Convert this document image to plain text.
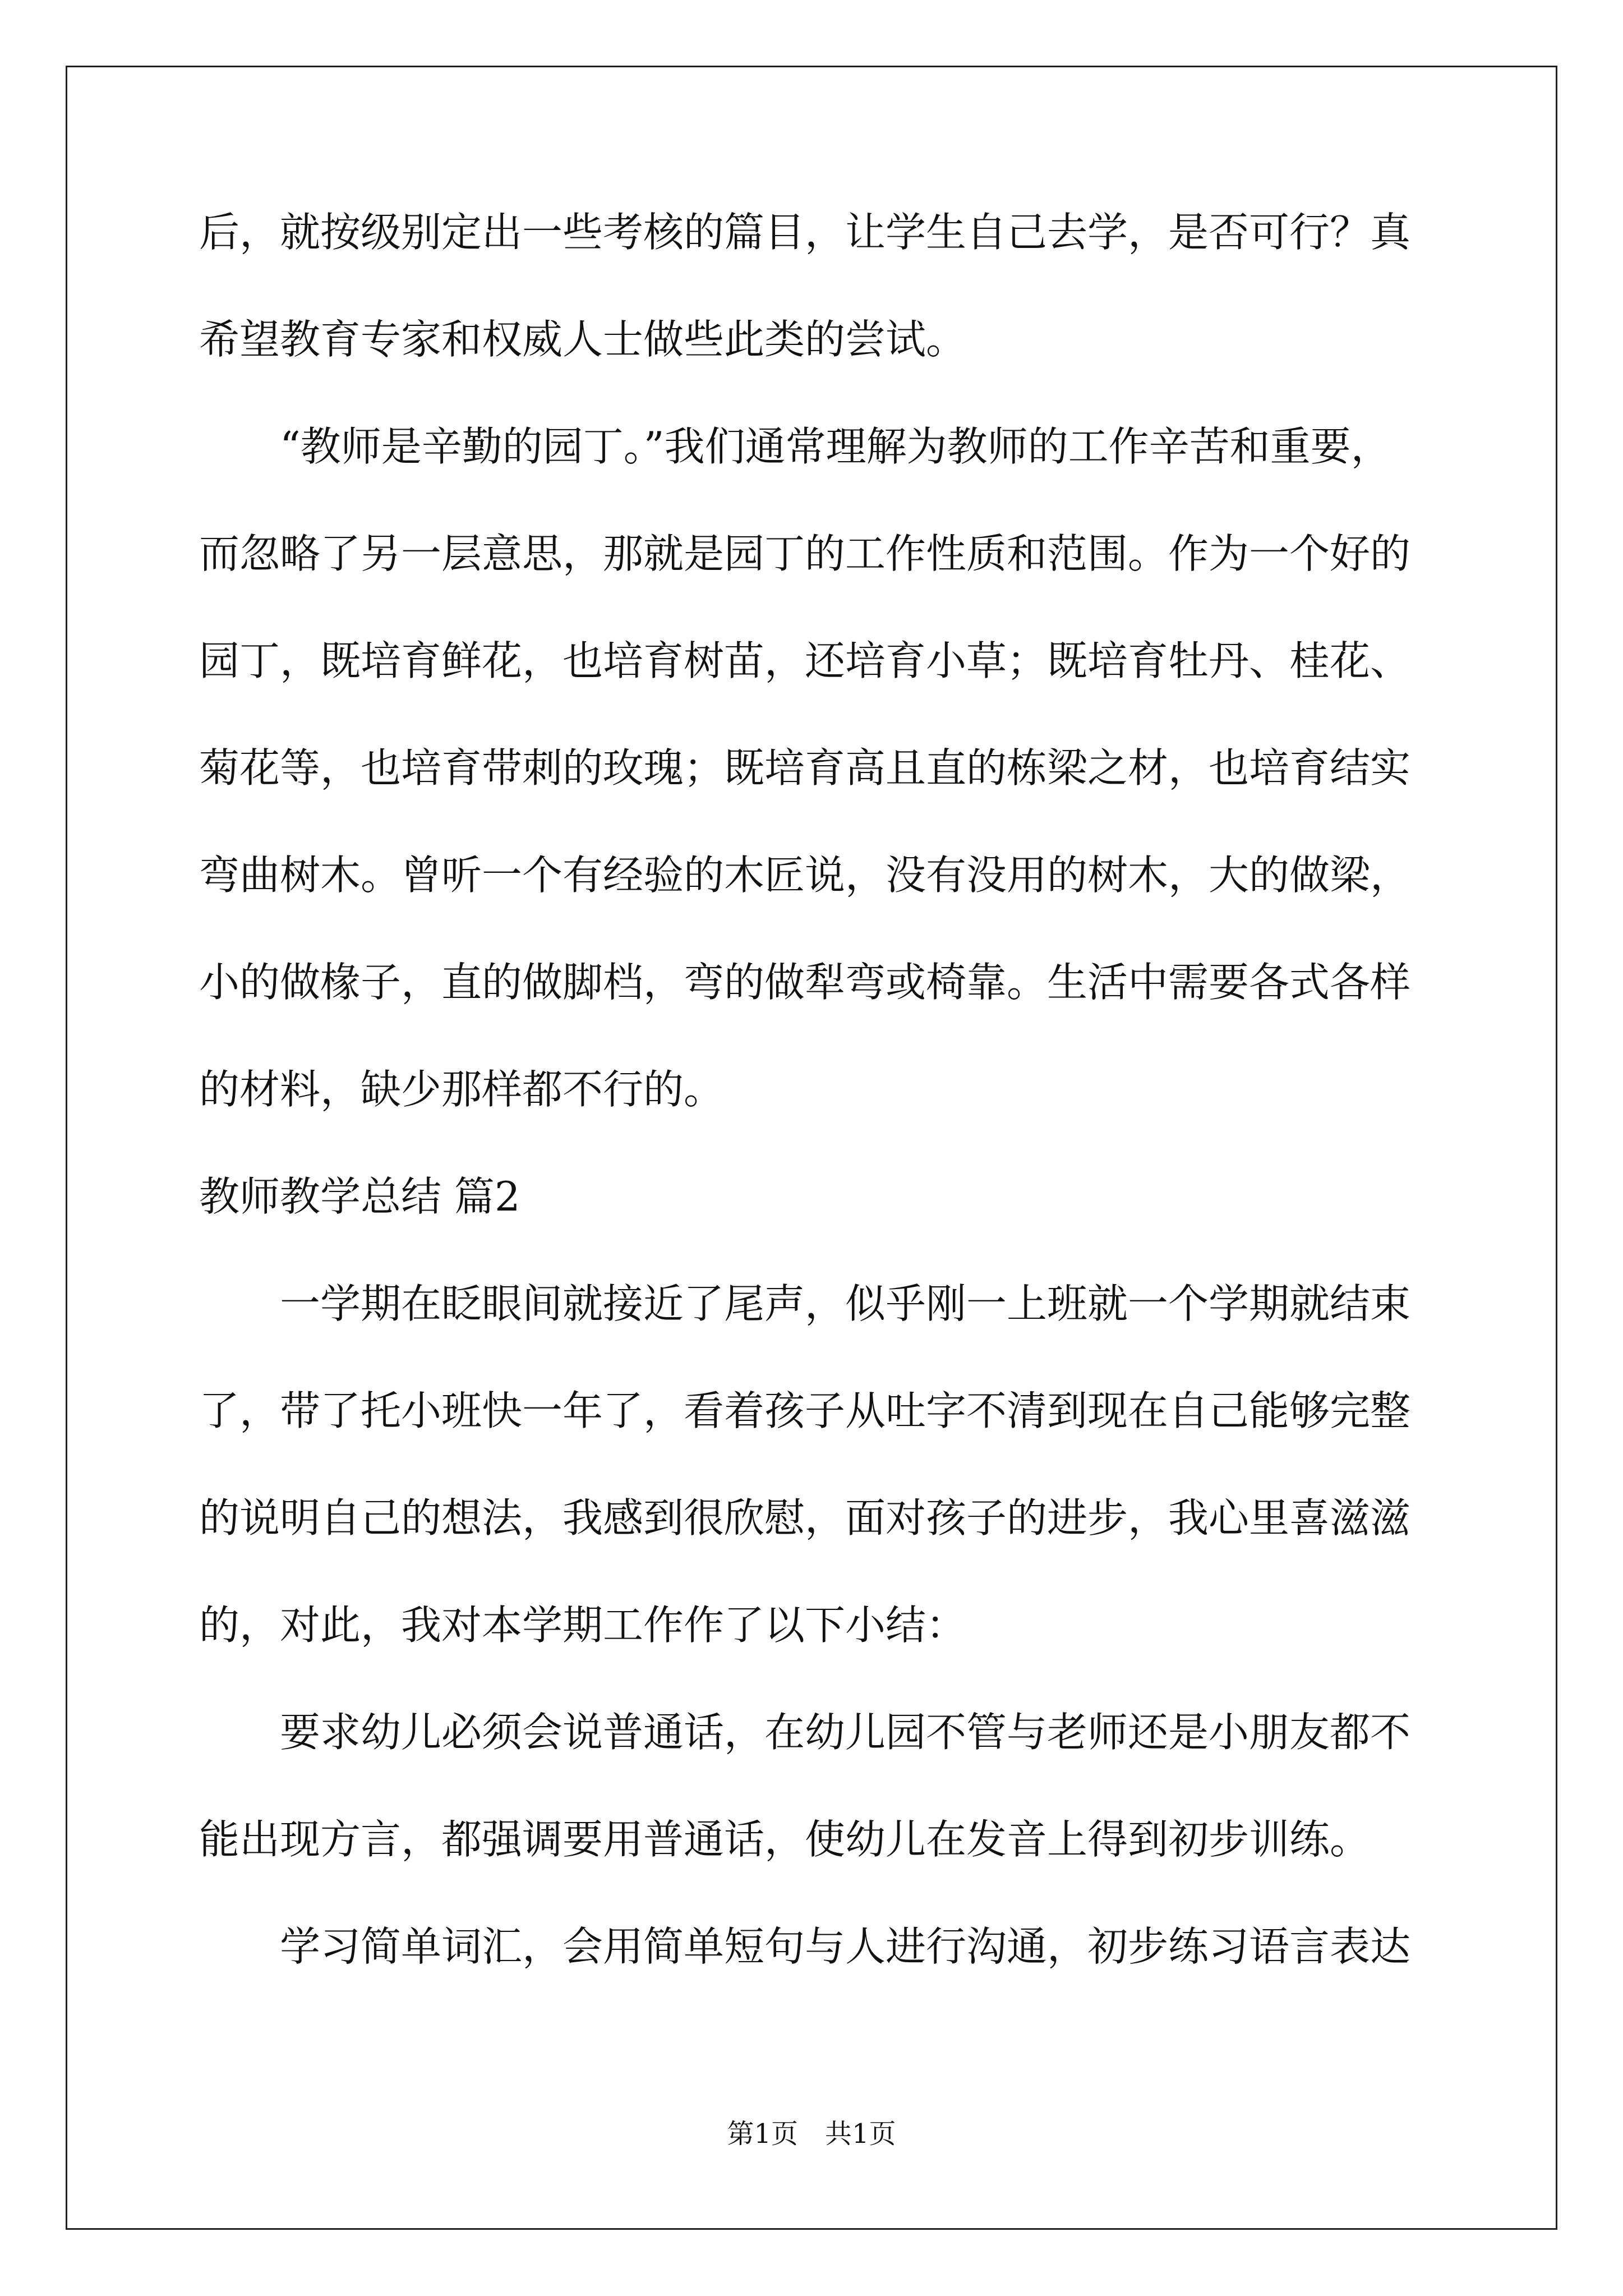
后，就按级别定出一些考核的篇目，让学生自己去学，是否可行？真
希望教育专家和权威人士做些此类的尝试。
　　“教师是辛勤的园丁。”我们通常理解为教师的工作辛苦和重要，
而忽略了另一层意思，那就是园丁的工作性质和范围。作为一个好的
园丁，既培育鲜花，也培育树苗，还培育小草；既培育牡丹、桂花、
菊花等，也培育带刺的玫瑰；既培育高且直的栋梁之材，也培育结实
弯曲树木。曾听一个有经验的木匠说，没有没用的树木，大的做梁，
小的做椽子，直的做脚档，弯的做犁弯或椅靠。生活中需要各式各样
的材料，缺少那样都不行的。
教师教学总结 篇2
　　一学期在眨眼间就接近了尾声，似乎刚一上班就一个学期就结束
了，带了托小班快一年了，看着孩子从吐字不清到现在自己能够完整
的说明自己的想法，我感到很欣慰，面对孩子的进步，我心里喜滋滋
的，对此，我对本学期工作作了以下小结：
　　要求幼儿必须会说普通话，在幼儿园不管与老师还是小朋友都不
能出现方言，都强调要用普通话，使幼儿在发音上得到初步训练。
　　学习简单词汇，会用简单短句与人进行沟通，初步练习语言表达
第1页　共1页
